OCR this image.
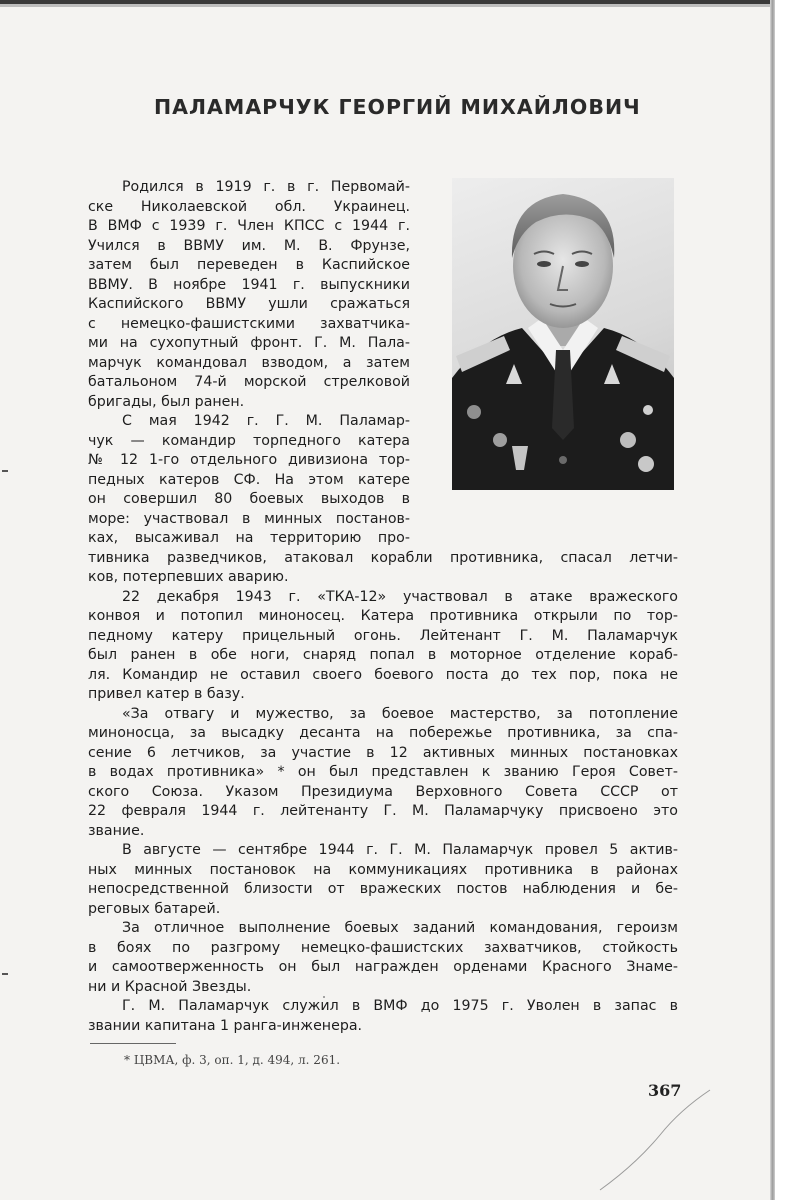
ПАЛАМАРЧУК ГЕОРГИЙ МИХАЙЛОВИЧ
Родился в 1919 г. в г. Первомай-
ске Николаевской обл. Украинец.
В ВМФ с 1939 г. Член КПСС с 1944 г.
Учился в ВВМУ им. М. В. Фрунзе,
затем был переведен в Каспийское
ВВМУ. В ноябре 1941 г. выпускники
Каспийского ВВМУ ушли сражаться
с немецко-фашистскими захватчика-
ми на сухопутный фронт. Г. М. Пала-
марчук командовал взводом, а затем
батальоном 74-й морской стрелковой
бригады, был ранен.
С мая 1942 г. Г. М. Паламар-
чук — командир торпедного катера
№ 12 1-го отдельного дивизиона тор-
педных катеров СФ. На этом катере
он совершил 80 боевых выходов в
море: участвовал в минных постанов-
ках, высаживал на территорию про-
тивника разведчиков, атаковал корабли противника, спасал летчи-
ков, потерпевших аварию.
22 декабря 1943 г. «ТКА-12» участвовал в атаке вражеского
конвоя и потопил миноносец. Катера противника открыли по тор-
педному катеру прицельный огонь. Лейтенант Г. М. Паламарчук
был ранен в обе ноги, снаряд попал в моторное отделение кораб-
ля. Командир не оставил своего боевого поста до тех пор, пока не
привел катер в базу.
«За отвагу и мужество, за боевое мастерство, за потопление
миноносца, за высадку десанта на побережье противника, за спа-
сение 6 летчиков, за участие в 12 активных минных постановках
в водах противника» * он был представлен к званию Героя Совет-
ского Союза. Указом Президиума Верховного Совета СССР от
22 февраля 1944 г. лейтенанту Г. М. Паламарчуку присвоено это
звание.
В августе — сентябре 1944 г. Г. М. Паламарчук провел 5 актив-
ных минных постановок на коммуникациях противника в районах
непосредственной близости от вражеских постов наблюдения и бе-
реговых батарей.
За отличное выполнение боевых заданий командования, героизм
в боях по разгрому немецко-фашистских захватчиков, стойкость
и самоотверженность он был награжден орденами Красного Знаме-
ни и Красной Звезды.
Г. М. Паламарчук служил в ВМФ до 1975 г. Уволен в запас в
звании капитана 1 ранга-инженера.
* ЦВМА, ф. 3, оп. 1, д. 494, л. 261.
367
